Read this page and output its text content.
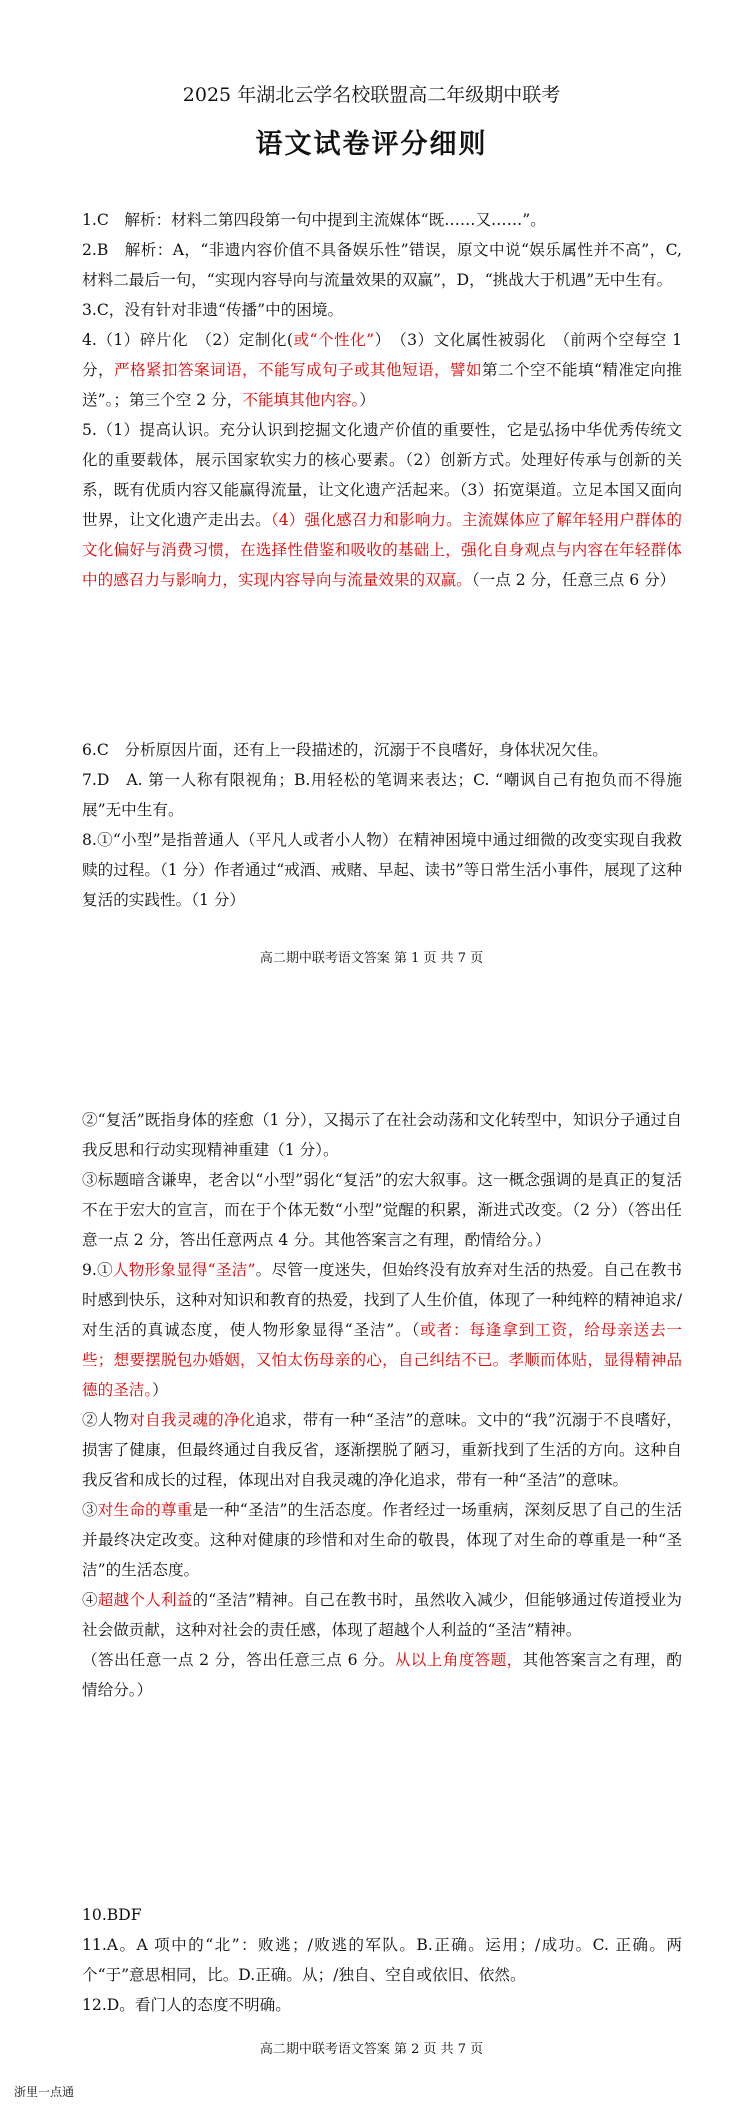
2025 年湖北云学名校联盟高二年级期中联考
语文试卷评分细则

1.C　解析：材料二第四段第一句中提到主流媒体“既……又……”。

2.B　解析：A，“非遗内容价值不具备娱乐性”错误，原文中说“娱乐属性并不高”，C,材料二最后一句，“实现内容导向与流量效果的双赢”，D，“挑战大于机遇”无中生有。

3.C，没有针对非遗“传播”中的困境。

4.（1）碎片化　（2）定制化(或“个性化”）　（3）文化属性被弱化　（前两个空每空 1 分，严格紧扣答案词语，不能写成句子或其他短语，譬如第二个空不能填“精准定向推送”。；第三个空 2 分，不能填其他内容。）

5.（1）提高认识。充分认识到挖掘文化遗产价值的重要性，它是弘扬中华优秀传统文化的重要载体，展示国家软实力的核心要素。（2）创新方式。处理好传承与创新的关系，既有优质内容又能赢得流量，让文化遗产活起来。（3）拓宽渠道。立足本国又面向世界，让文化遗产走出去。（4）强化感召力和影响力。主流媒体应了解年轻用户群体的文化偏好与消费习惯，在选择性借鉴和吸收的基础上，强化自身观点与内容在年轻群体中的感召力与影响力，实现内容导向与流量效果的双赢。（一点 2 分，任意三点 6 分）

6.C　分析原因片面，还有上一段描述的，沉溺于不良嗜好，身体状况欠佳。

7.D　A. 第一人称有限视角；B.用轻松的笔调来表达；C. “嘲讽自己有抱负而不得施展”无中生有。

8.①“小型”是指普通人（平凡人或者小人物）在精神困境中通过细微的改变实现自我救赎的过程。（1 分）作者通过“戒酒、戒赌、早起、读书”等日常生活小事件，展现了这种复活的实践性。（1 分）

高二期中联考语文答案 第 1 页 共 7 页

②“复活”既指身体的痊愈（1 分），又揭示了在社会动荡和文化转型中，知识分子通过自我反思和行动实现精神重建（1 分）。

③标题暗含谦卑，老舍以“小型”弱化“复活”的宏大叙事。这一概念强调的是真正的复活不在于宏大的宣言，而在于个体无数“小型”觉醒的积累，渐进式改变。（2 分）（答出任意一点 2 分，答出任意两点 4 分。其他答案言之有理，酌情给分。）

9.①人物形象显得“圣洁”。尽管一度迷失，但始终没有放弃对生活的热爱。自己在教书时感到快乐，这种对知识和教育的热爱，找到了人生价值，体现了一种纯粹的精神追求/对生活的真诚态度，使人物形象显得“圣洁”。（或者：每逢拿到工资，给母亲送去一些；想要摆脱包办婚姻，又怕太伤母亲的心，自己纠结不已。孝顺而体贴，显得精神品德的圣洁。）

②人物对自我灵魂的净化追求，带有一种“圣洁”的意味。文中的“我”沉溺于不良嗜好，损害了健康，但最终通过自我反省，逐渐摆脱了陋习，重新找到了生活的方向。这种自我反省和成长的过程，体现出对自我灵魂的净化追求，带有一种“圣洁”的意味。

③对生命的尊重是一种“圣洁”的生活态度。作者经过一场重病，深刻反思了自己的生活并最终决定改变。这种对健康的珍惜和对生命的敬畏，体现了对生命的尊重是一种“圣洁”的生活态度。

④超越个人利益的“圣洁”精神。自己在教书时，虽然收入减少，但能够通过传道授业为社会做贡献，这种对社会的责任感，体现了超越个人利益的“圣洁”精神。

（答出任意一点 2 分，答出任意三点 6 分。从以上角度答题，其他答案言之有理，酌情给分。）

10.BDF

11.A。A 项中的“北”：败逃；/败逃的军队。B.正确。运用；/成功。C. 正确。两个“于”意思相同，比。D.正确。从；/独自、空自或依旧、依然。

12.D。看门人的态度不明确。

高二期中联考语文答案 第 2 页 共 7 页
浙里一点通
